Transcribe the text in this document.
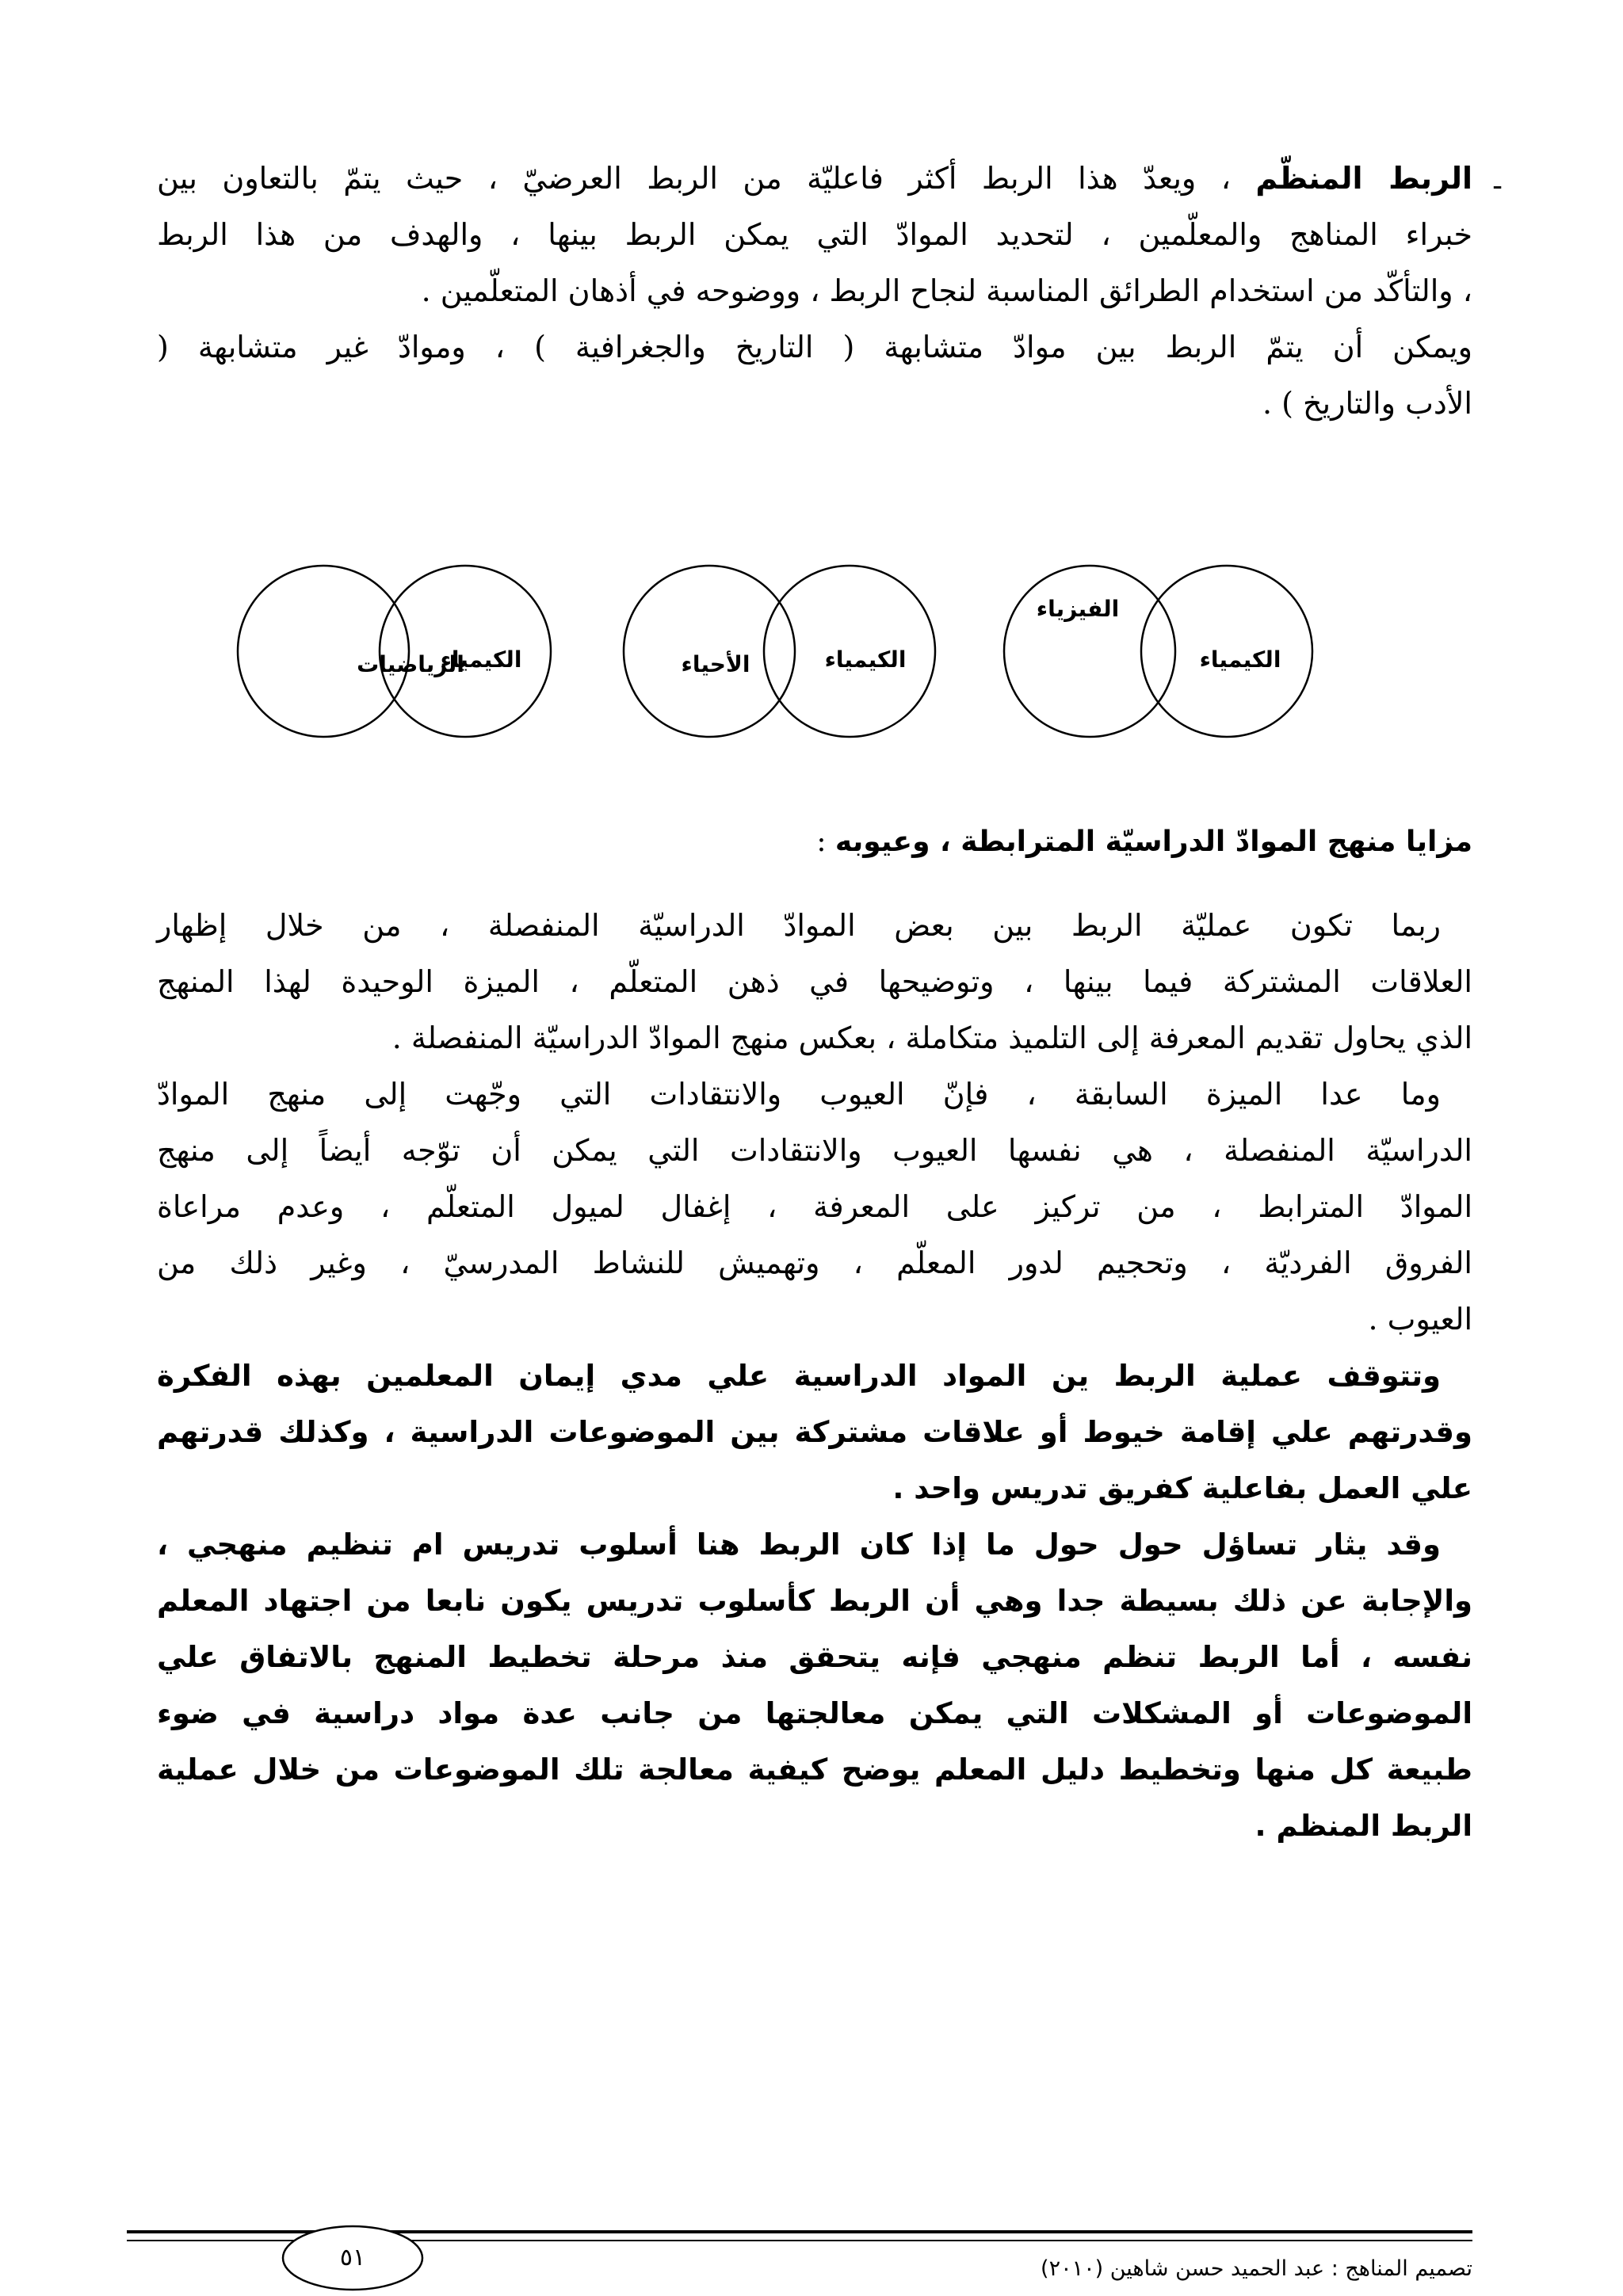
-
الربط المنظّم ، ويعدّ هذا الربط أكثر فاعليّة من الربط العرضيّ ، حيث يتمّ بالتعاون بين
خبراء المناهج والمعلّمين ، لتحديد الموادّ التي يمكن الربط بينها ، والهدف من هذا الربط
، والتأكّد من استخدام الطرائق المناسبة لنجاح الربط ، ووضوحه في أذهان المتعلّمين .
ويمكن أن يتمّ الربط بين موادّ متشابهة ( التاريخ والجغرافية ) ، وموادّ غير متشابهة (
الأدب والتاريخ ) .
الرياضيات
الكيمياء	الأحياء	الكيمياء
الفيزياء
الكيمياء
مزايا منهج الموادّ الدراسيّة المترابطة ، وعيوبه :
ربما تكون عمليّة الربط بين بعض الموادّ الدراسيّة المنفصلة ، من خلال إظهار
العلاقات المشتركة فيما بينها ، وتوضيحها في ذهن المتعلّم ، الميزة الوحيدة لهذا المنهج
الذي يحاول تقديم المعرفة إلى التلميذ متكاملة ، بعكس منهج الموادّ الدراسيّة المنفصلة .
وما عدا الميزة السابقة ، فإنّ العيوب والانتقادات التي وجّهت إلى منهج الموادّ
الدراسيّة المنفصلة ، هي نفسها العيوب والانتقادات التي يمكن أن توّجه أيضاً إلى منهج
الموادّ المترابط ، من تركيز على المعرفة ، إغفال لميول المتعلّم ، وعدم مراعاة
الفروق الفرديّة ، وتحجيم لدور المعلّم ، وتهميش للنشاط المدرسيّ ، وغير ذلك من
العيوب .
وتتوقف عملية الربط ين المواد الدراسية علي مدي إيمان المعلمين بهذه الفكرة
وقدرتهم علي إقامة خيوط أو علاقات مشتركة بين الموضوعات الدراسية ، وكذلك قدرتهم
علي العمل بفاعلية كفريق تدريس واحد .
وقد يثار تساؤل حول حول ما إذا كان الربط هنا أسلوب تدريس ام تنظيم منهجي ،
والإجابة عن ذلك بسيطة جدا وهي أن الربط كأسلوب تدريس يكون نابعا من اجتهاد المعلم
نفسه ، أما الربط تنظم منهجي فإنه يتحقق منذ مرحلة تخطيط المنهج بالاتفاق علي
الموضوعات أو المشكلات التي يمكن معالجتها من جانب عدة مواد دراسية في ضوء
طبيعة كل منها وتخطيط دليل المعلم يوضح كيفية معالجة تلك الموضوعات من خلال عملية
الربط المنظم .
٥١	تصميم المناهج : عبد الحميد حسن شاهين (٢٠١٠)
